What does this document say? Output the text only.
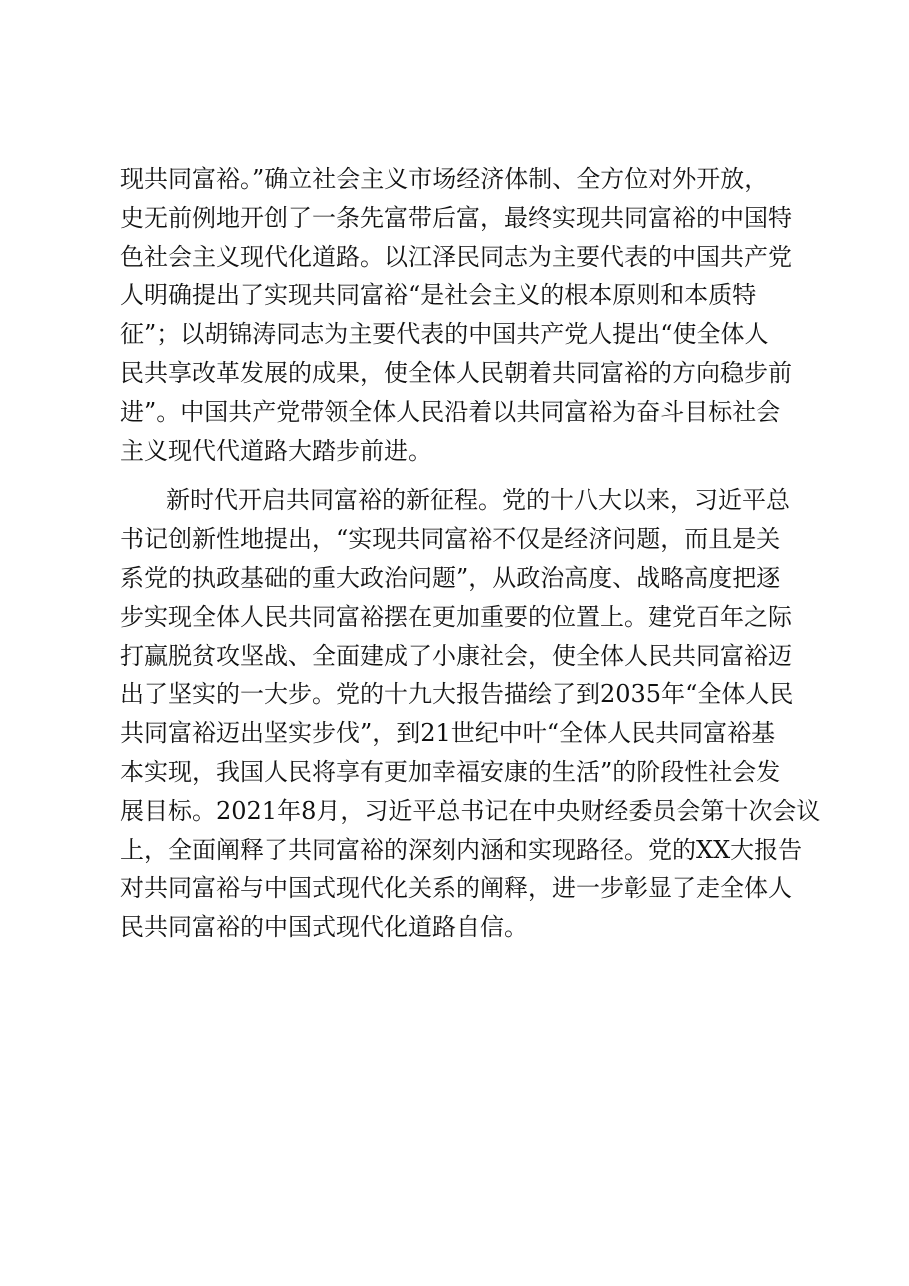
现共同富裕。”确立社会主义市场经济体制、全方位对外开放，
史无前例地开创了一条先富带后富，最终实现共同富裕的中国特
色社会主义现代化道路。以江泽民同志为主要代表的中国共产党
人明确提出了实现共同富裕“是社会主义的根本原则和本质特
征”；以胡锦涛同志为主要代表的中国共产党人提出“使全体人
民共享改革发展的成果，使全体人民朝着共同富裕的方向稳步前
进”。中国共产党带领全体人民沿着以共同富裕为奋斗目标社会
主义现代代道路大踏步前进。
新时代开启共同富裕的新征程。党的十八大以来，习近平总
书记创新性地提出，“实现共同富裕不仅是经济问题，而且是关
系党的执政基础的重大政治问题”，从政治高度、战略高度把逐
步实现全体人民共同富裕摆在更加重要的位置上。建党百年之际
打赢脱贫攻坚战、全面建成了小康社会，使全体人民共同富裕迈
出了坚实的一大步。党的十九大报告描绘了到2035年“全体人民
共同富裕迈出坚实步伐”，到21世纪中叶“全体人民共同富裕基
本实现，我国人民将享有更加幸福安康的生活”的阶段性社会发
展目标。2021年8月，习近平总书记在中央财经委员会第十次会议
上，全面阐释了共同富裕的深刻内涵和实现路径。党的XX大报告
对共同富裕与中国式现代化关系的阐释，进一步彰显了走全体人
民共同富裕的中国式现代化道路自信。
